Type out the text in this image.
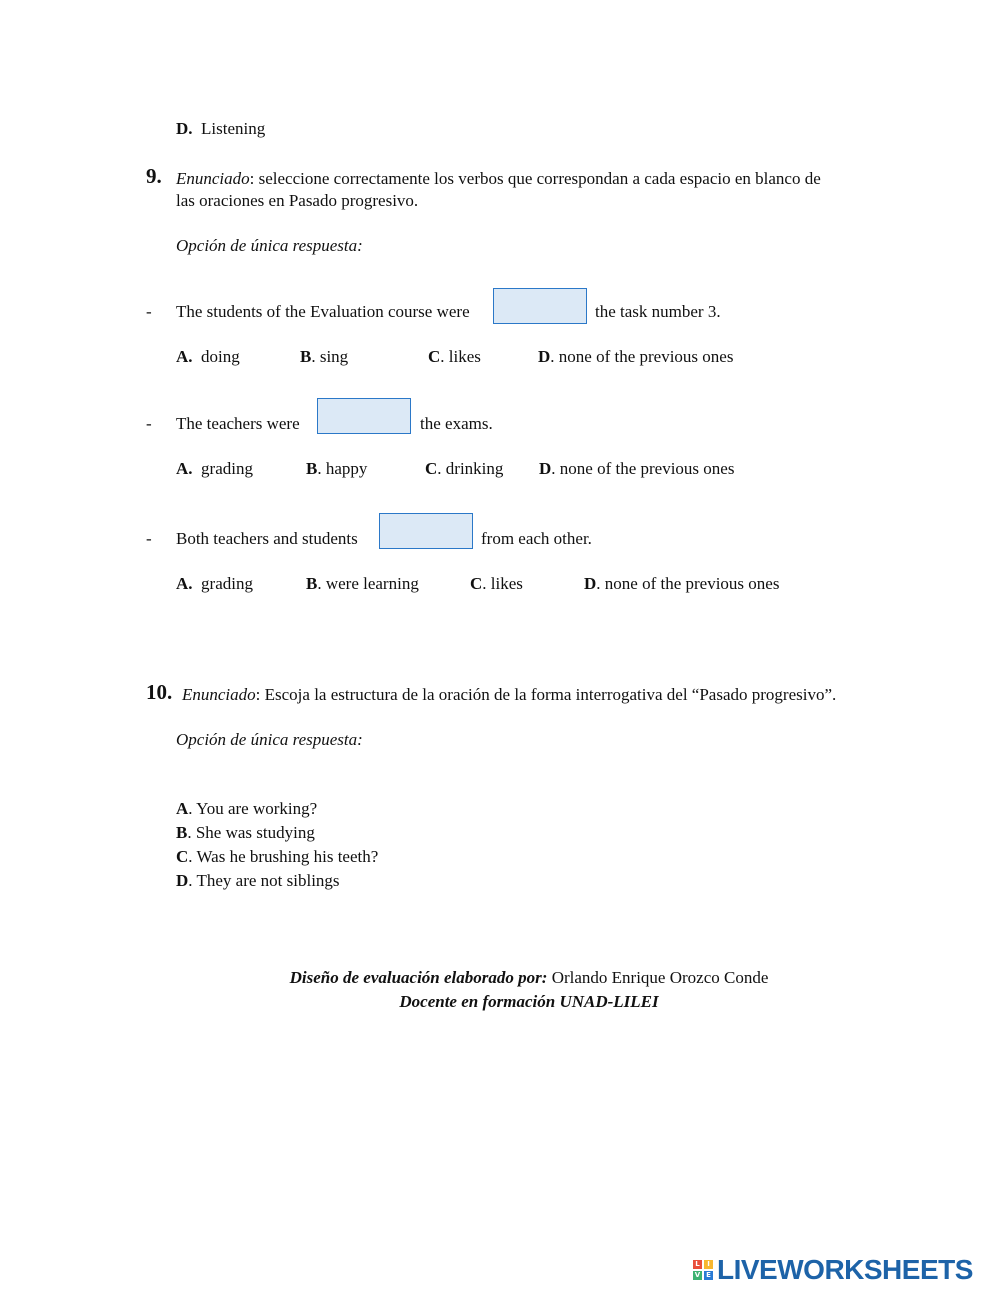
D. Listening
9. Enunciado: seleccione correctamente los verbos que correspondan a cada espacio en blanco de
las oraciones en Pasado progresivo.
Opción de única respuesta:
- The students of the Evaluation course were	the task number 3.
A. doing	B. sing	C. likes	D. none of the previous ones
- The teachers were	the exams.
A. grading	B. happy	C. drinking D. none of the previous ones
- Both teachers and students	from each other.
A. grading	B. were learning	C. likes	D. none of the previous ones
10. Enunciado: Escoja la estructura de la oración de la forma interrogativa del “Pasado progresivo”.
Opción de única respuesta:
A. You are working?
B. She was studying
C. Was he brushing his teeth?
D. They are not siblings
Diseño de evaluación elaborado por: Orlando Enrique Orozco Conde
Docente en formación UNAD-LILEI
L	I
V E LIVEWORKSHEETS
